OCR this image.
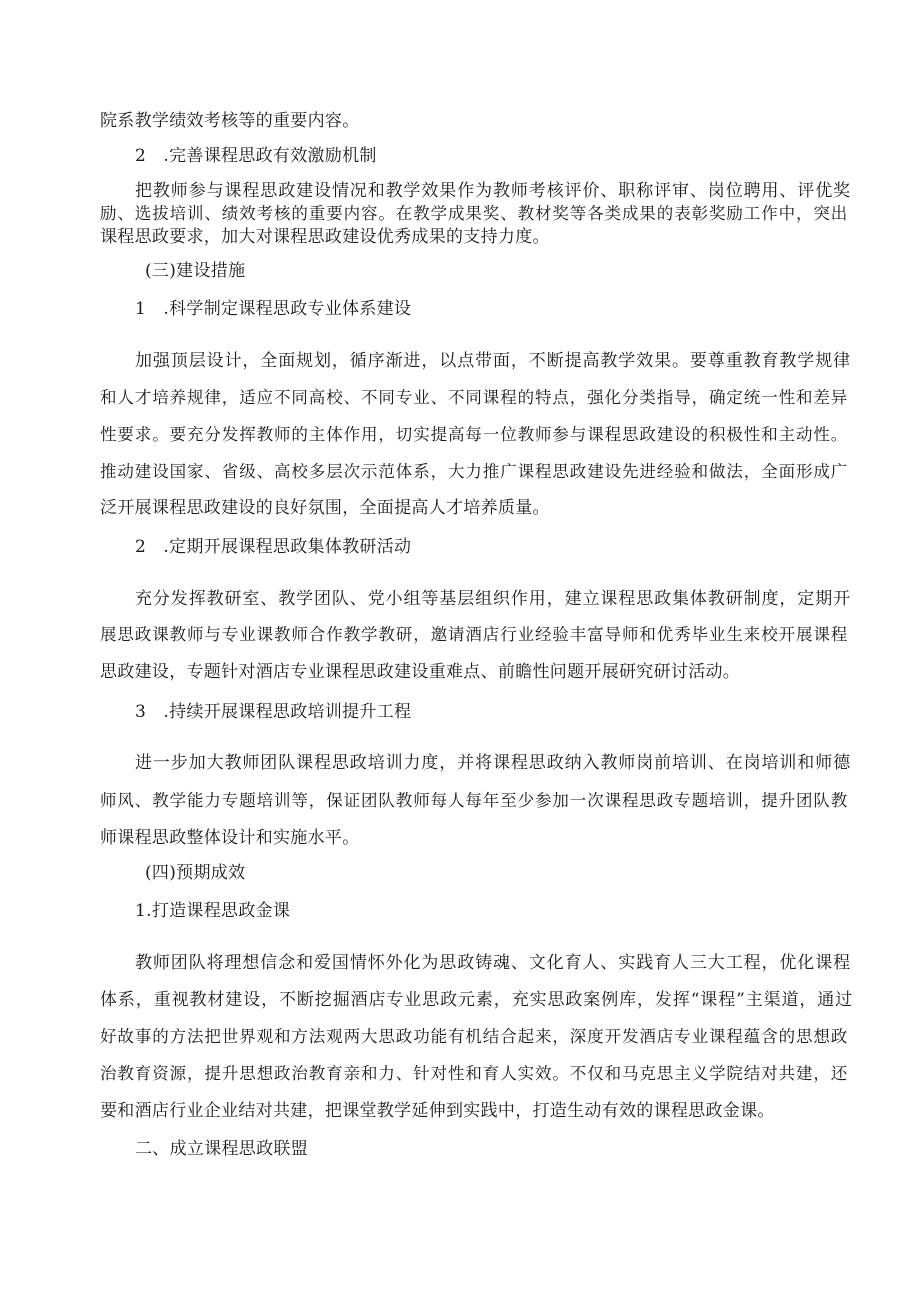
院系教学绩效考核等的重要内容。
2 .完善课程思政有效激励机制
把教师参与课程思政建设情况和教学效果作为教师考核评价、职称评审、岗位聘用、评优奖
励、选拔培训、绩效考核的重要内容。在教学成果奖、教材奖等各类成果的表彰奖励工作中，突出
课程思政要求，加大对课程思政建设优秀成果的支持力度。
(三)建设措施
1 .科学制定课程思政专业体系建设
加强顶层设计，全面规划，循序渐进，以点带面，不断提高教学效果。要尊重教育教学规律
和人才培养规律，适应不同高校、不同专业、不同课程的特点，强化分类指导，确定统一性和差异
性要求。要充分发挥教师的主体作用，切实提高每一位教师参与课程思政建设的积极性和主动性。
推动建设国家、省级、高校多层次示范体系，大力推广课程思政建设先进经验和做法，全面形成广
泛开展课程思政建设的良好氛围，全面提高人才培养质量。
2 .定期开展课程思政集体教研活动
充分发挥教研室、教学团队、党小组等基层组织作用，建立课程思政集体教研制度，定期开
展思政课教师与专业课教师合作教学教研，邀请酒店行业经验丰富导师和优秀毕业生来校开展课程
思政建设，专题针对酒店专业课程思政建设重难点、前瞻性问题开展研究研讨活动。
3 .持续开展课程思政培训提升工程
进一步加大教师团队课程思政培训力度，并将课程思政纳入教师岗前培训、在岗培训和师德
师风、教学能力专题培训等，保证团队教师每人每年至少参加一次课程思政专题培训，提升团队教
师课程思政整体设计和实施水平。
(四)预期成效
1.打造课程思政金课
教师团队将理想信念和爱国情怀外化为思政铸魂、文化育人、实践育人三大工程，优化课程
体系，重视教材建设，不断挖掘酒店专业思政元素，充实思政案例库，发挥“课程”主渠道，通过
好故事的方法把世界观和方法观两大思政功能有机结合起来，深度开发酒店专业课程蕴含的思想政
治教育资源，提升思想政治教育亲和力、针对性和育人实效。不仅和马克思主义学院结对共建，还
要和酒店行业企业结对共建，把课堂教学延伸到实践中，打造生动有效的课程思政金课。
二、成立课程思政联盟
